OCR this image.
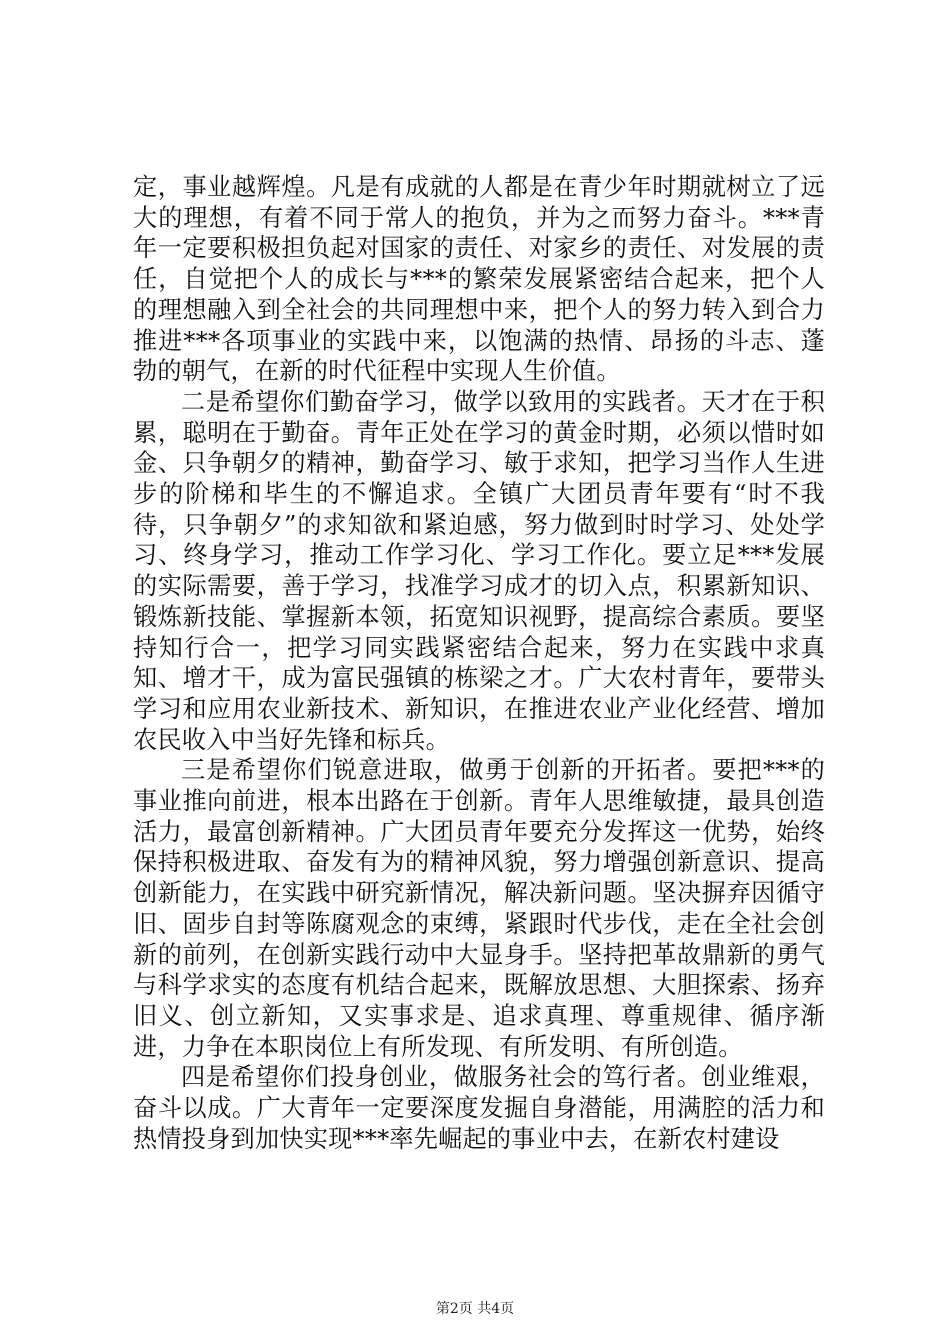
定，事业越辉煌。凡是有成就的人都是在青少年时期就树立了远大的理想，有着不同于常人的抱负，并为之而努力奋斗。***青年一定要积极担负起对国家的责任、对家乡的责任、对发展的责任，自觉把个人的成长与***的繁荣发展紧密结合起来，把个人的理想融入到全社会的共同理想中来，把个人的努力转入到合力推进***各项事业的实践中来，以饱满的热情、昂扬的斗志、蓬勃的朝气，在新的时代征程中实现人生价值。

二是希望你们勤奋学习，做学以致用的实践者。天才在于积累，聪明在于勤奋。青年正处在学习的黄金时期，必须以惜时如金、只争朝夕的精神，勤奋学习、敏于求知，把学习当作人生进步的阶梯和毕生的不懈追求。全镇广大团员青年要有“时不我待，只争朝夕”的求知欲和紧迫感，努力做到时时学习、处处学习、终身学习，推动工作学习化、学习工作化。要立足***发展的实际需要，善于学习，找准学习成才的切入点，积累新知识、锻炼新技能、掌握新本领，拓宽知识视野，提高综合素质。要坚持知行合一，把学习同实践紧密结合起来，努力在实践中求真知、增才干，成为富民强镇的栋梁之才。广大农村青年，要带头学习和应用农业新技术、新知识，在推进农业产业化经营、增加农民收入中当好先锋和标兵。

三是希望你们锐意进取，做勇于创新的开拓者。要把***的事业推向前进，根本出路在于创新。青年人思维敏捷，最具创造活力，最富创新精神。广大团员青年要充分发挥这一优势，始终保持积极进取、奋发有为的精神风貌，努力增强创新意识、提高创新能力，在实践中研究新情况，解决新问题。坚决摒弃因循守旧、固步自封等陈腐观念的束缚，紧跟时代步伐，走在全社会创新的前列，在创新实践行动中大显身手。坚持把革故鼎新的勇气与科学求实的态度有机结合起来，既解放思想、大胆探索、扬弃旧义、创立新知，又实事求是、追求真理、尊重规律、循序渐进，力争在本职岗位上有所发现、有所发明、有所创造。

四是希望你们投身创业，做服务社会的笃行者。创业维艰，奋斗以成。广大青年一定要深度发掘自身潜能，用满腔的活力和热情投身到加快实现***率先崛起的事业中去，在新农村建设

第2页 共4页
